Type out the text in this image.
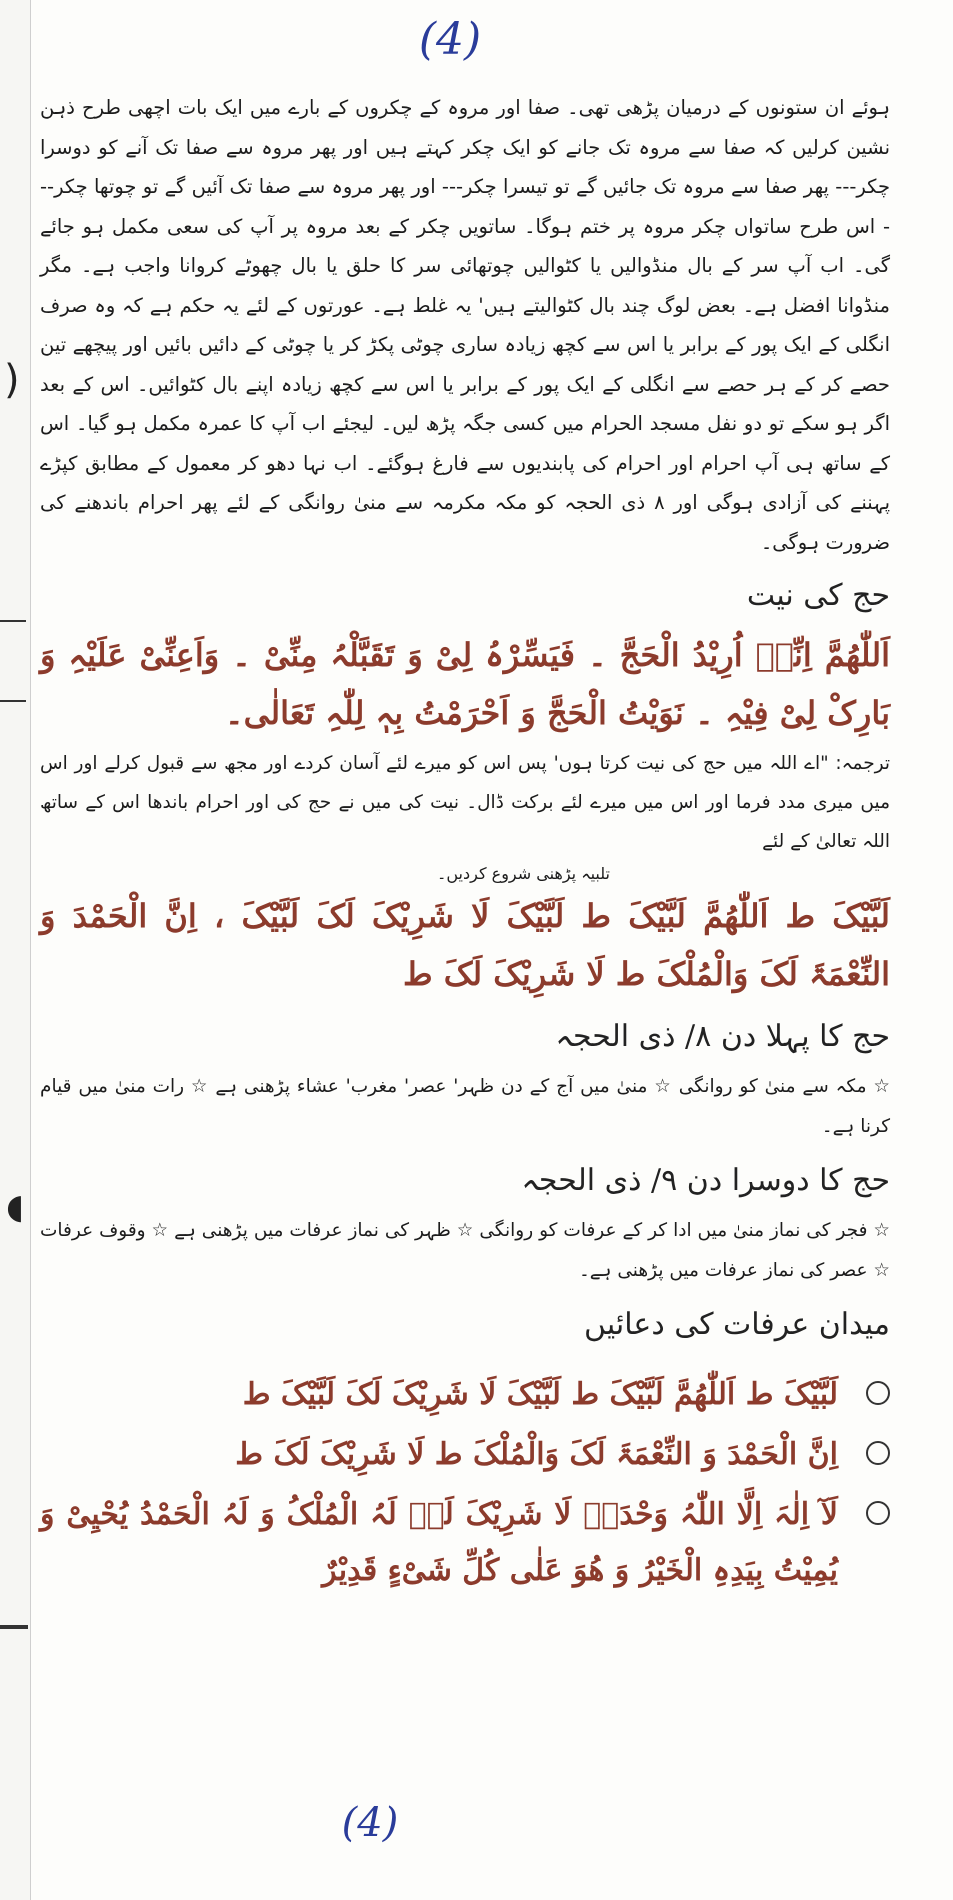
)
◖
(4)

ہوئے ان ستونوں کے درمیان پڑھی تھی۔ صفا اور مروہ کے چکروں کے بارے میں ایک بات اچھی طرح ذہن نشین کرلیں کہ صفا سے مروہ تک جانے کو ایک چکر کہتے ہیں اور پھر مروہ سے صفا تک آنے کو دوسرا چکر--- پھر صفا سے مروہ تک جائیں گے تو تیسرا چکر--- اور پھر مروہ سے صفا تک آئیں گے تو چوتھا چکر--- اس طرح ساتواں چکر مروہ پر ختم ہوگا۔ ساتویں چکر کے بعد مروہ پر آپ کی سعی مکمل ہو جائے گی۔ اب آپ سر کے بال منڈوالیں یا کٹوالیں چوتھائی سر کا حلق یا بال چھوٹے کروانا واجب ہے۔ مگر منڈوانا افضل ہے۔ بعض لوگ چند بال کٹوالیتے ہیں' یہ غلط ہے۔ عورتوں کے لئے یہ حکم ہے کہ وہ صرف انگلی کے ایک پور کے برابر یا اس سے کچھ زیادہ ساری چوٹی پکڑ کر یا چوٹی کے دائیں بائیں اور پیچھے تین حصے کر کے ہر حصے سے انگلی کے ایک پور کے برابر یا اس سے کچھ زیادہ اپنے بال کٹوائیں۔ اس کے بعد اگر ہو سکے تو دو نفل مسجد الحرام میں کسی جگہ پڑھ لیں۔ لیجئے اب آپ کا عمرہ مکمل ہو گیا۔ اس کے ساتھ ہی آپ احرام اور احرام کی پابندیوں سے فارغ ہوگئے۔ اب نہا دھو کر معمول کے مطابق کپڑے پہننے کی آزادی ہوگی اور ۸ ذی الحجہ کو مکہ مکرمہ سے منیٰ روانگی کے لئے پھر احرام باندھنے کی ضرورت ہوگی۔

حج کی نیت

اَللّٰھُمَّ اِنِّیۤ اُرِیْدُ الْحَجَّ ۔ فَیَسِّرْہُ لِیْ وَ تَقَبَّلْہُ مِنِّیْ ۔ وَاَعِنِّیْ عَلَیْہِ وَ بَارِکْ لِیْ فِیْہِ ۔ نَوَیْتُ الْحَجَّ وَ اَحْرَمْتُ بِہٖ لِلّٰہِ تَعَالٰی۔

ترجمہ: "اے اللہ میں حج کی نیت کرتا ہوں' پس اس کو میرے لئے آسان کردے اور مجھ سے قبول کرلے اور اس میں میری مدد فرما اور اس میں میرے لئے برکت ڈال۔ نیت کی میں نے حج کی اور احرام باندھا اس کے ساتھ اللہ تعالیٰ کے لئے

تلبیہ پڑھنی شروع کردیں۔

لَبَّیْکَ ط اَللّٰھُمَّ لَبَّیْکَ ط لَبَّیْکَ لَا شَرِیْکَ لَکَ لَبَّیْکَ ، اِنَّ الْحَمْدَ وَ النِّعْمَۃَ لَکَ وَالْمُلْکَ ط لَا شَرِیْکَ لَکَ ط

حج کا پہلا دن ۸/ ذی الحجہ

☆ مکہ سے منیٰ کو روانگی ☆ منیٰ میں آج کے دن ظہر' عصر' مغرب' عشاء پڑھنی ہے ☆ رات منیٰ میں قیام کرنا ہے۔

حج کا دوسرا دن ۹/ ذی الحجہ

☆ فجر کی نماز منیٰ میں ادا کر کے عرفات کو روانگی ☆ ظہر کی نماز عرفات میں پڑھنی ہے ☆ وقوف عرفات ☆ عصر کی نماز عرفات میں پڑھنی ہے۔

میدان عرفات کی دعائیں
لَبَّیْکَ ط اَللّٰھُمَّ لَبَّیْکَ ط لَبَّیْکَ لَا شَرِیْکَ لَکَ لَبَّیْکَ ط
اِنَّ الْحَمْدَ وَ النِّعْمَۃَ لَکَ وَالْمُلْکَ ط لَا شَرِیْکَ لَکَ ط
لَآ اِلٰہَ اِلَّا اللّٰہُ وَحْدَہٗ لَا شَرِیْکَ لَہٗ لَہُ الْمُلْکُ وَ لَہُ الْحَمْدُ یُحْیِیْ وَ یُمِیْتُ بِیَدِہِ الْخَیْرُ وَ ھُوَ عَلٰی کُلِّ شَیْءٍ قَدِیْرٌ
(4)
